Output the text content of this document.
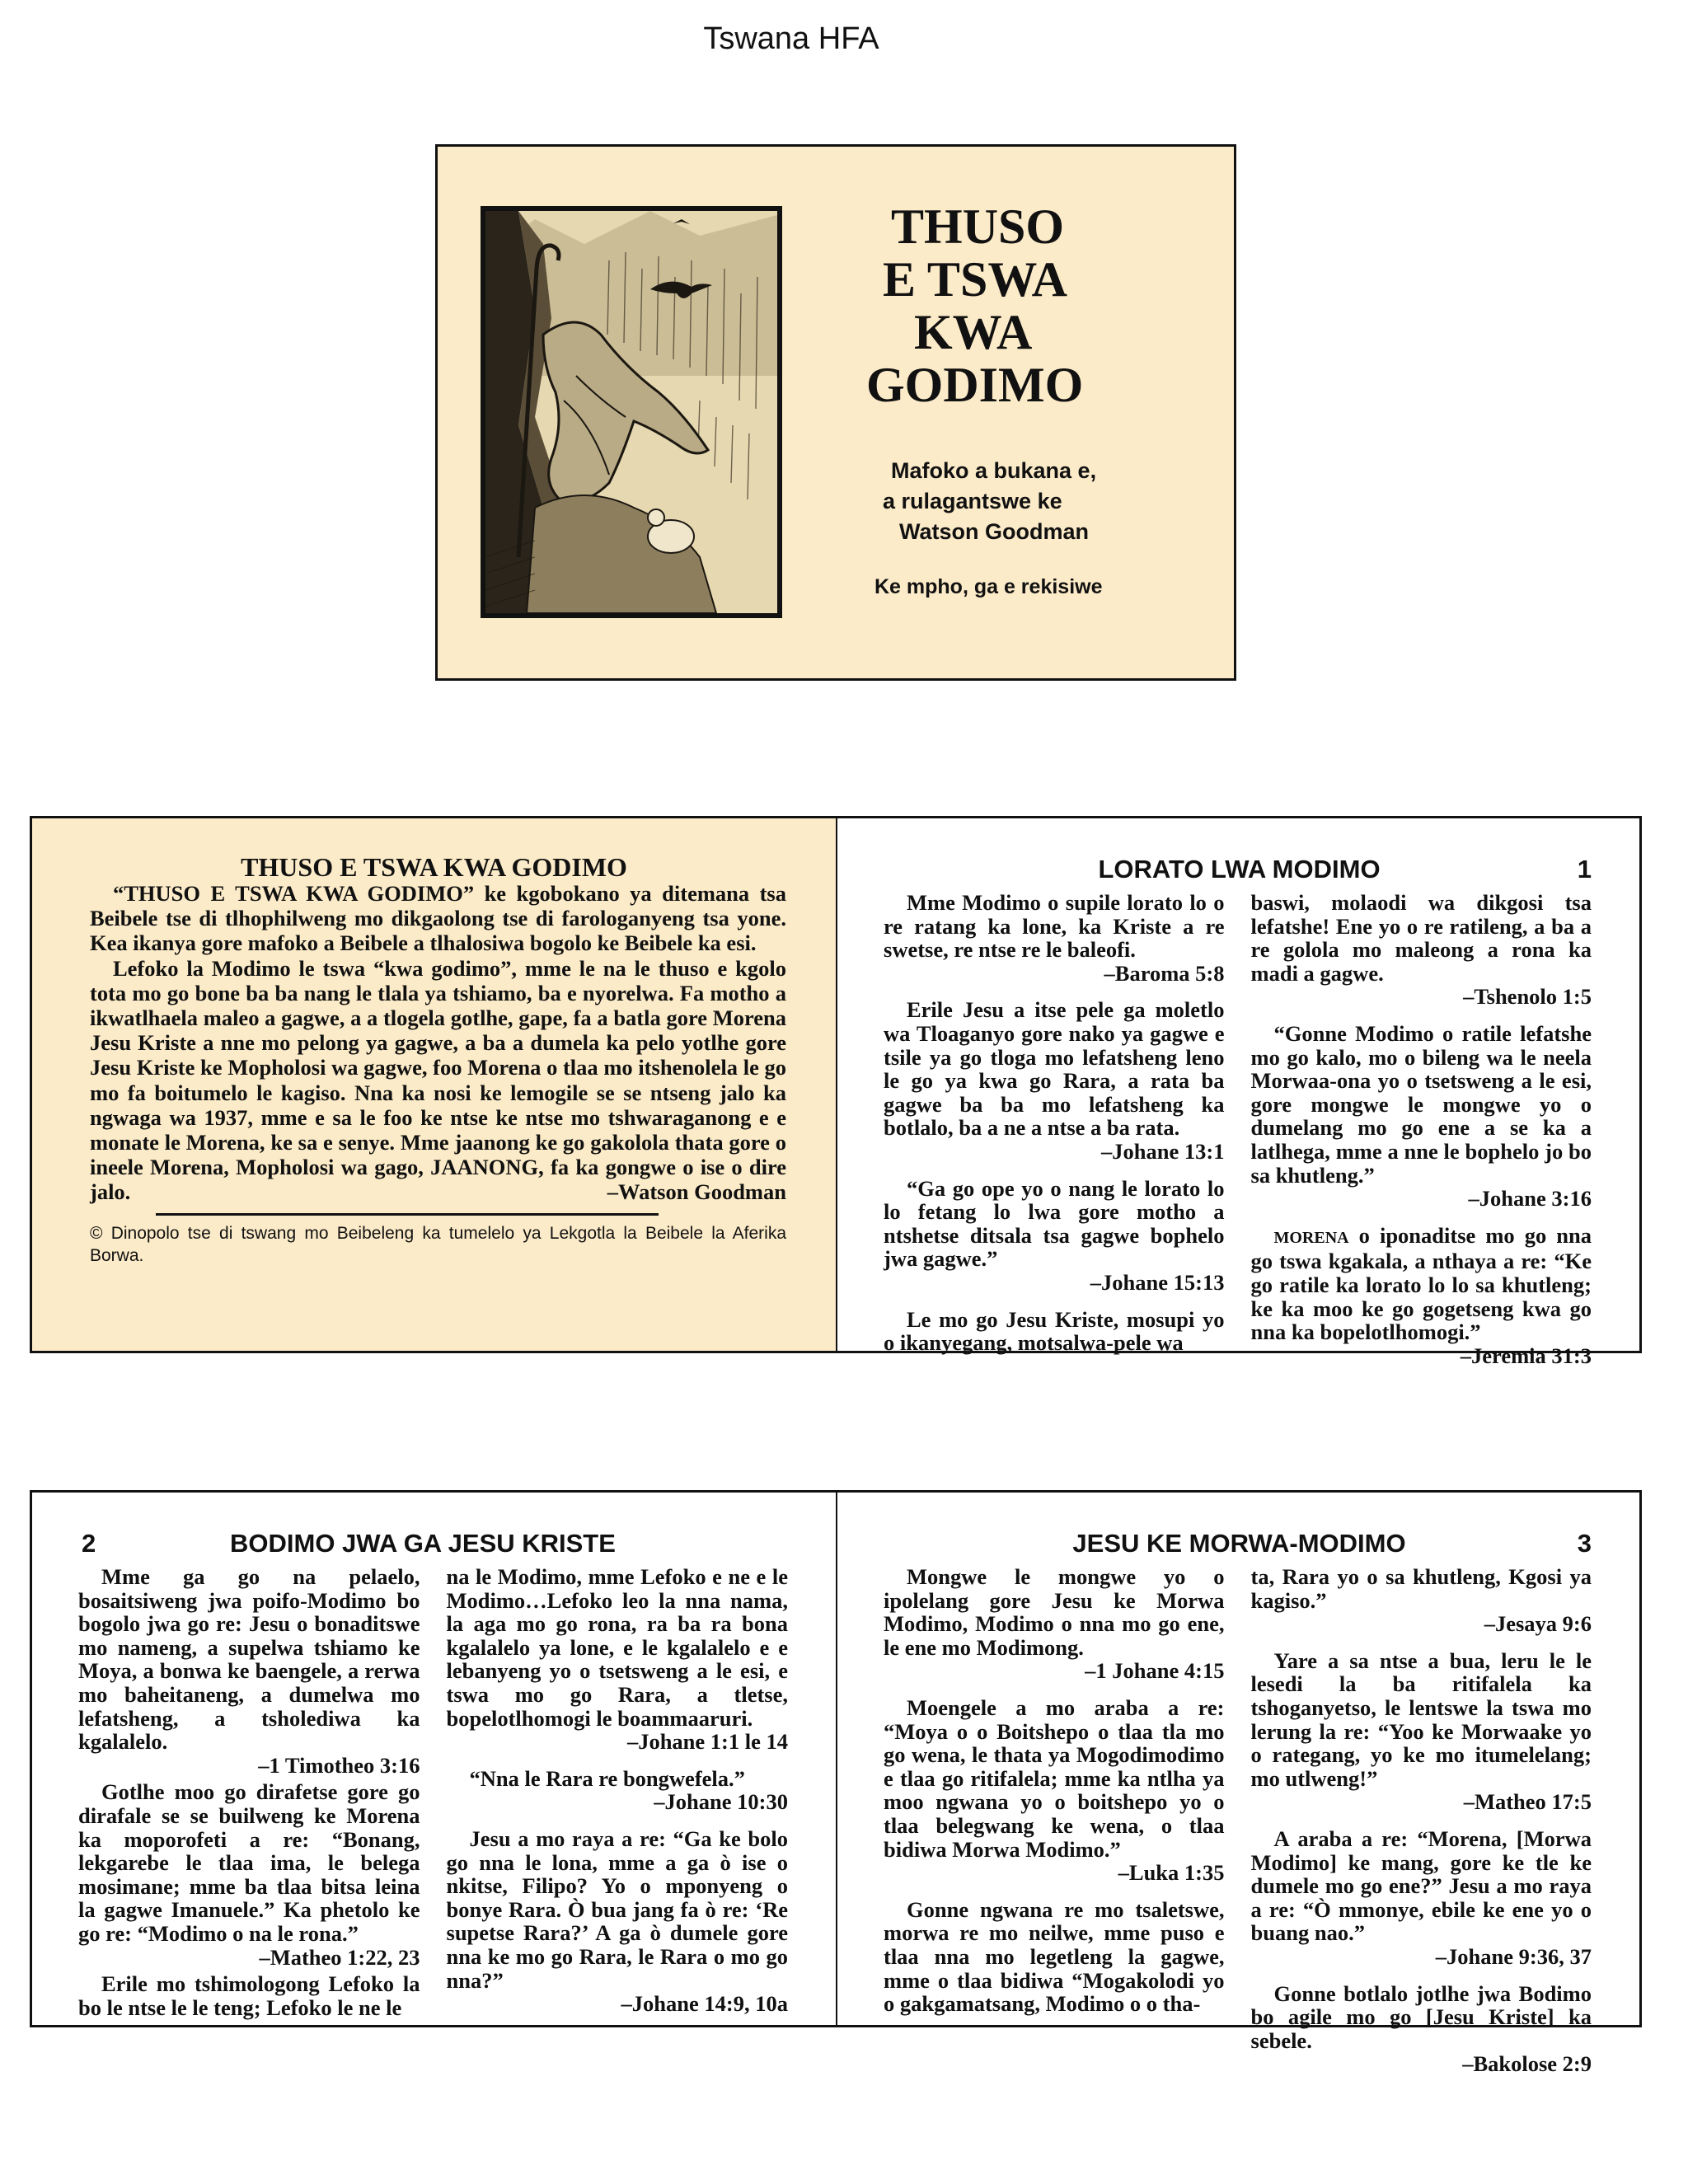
Tswana HFA
THUSO
E TSWA
KWA
GODIMO
Mafoko a bukana e,
a rulagantswe ke
Watson Goodman
Ke mpho, ga e rekisiwe
THUSO E TSWA KWA GODIMO

“THUSO E TSWA KWA GODIMO” ke kgobokano ya ditemana tsa Beibele tse di tlhophilweng mo dikgaolong tse di farologanyeng tsa yone. Kea ikanya gore mafoko a Beibele a tlhalosiwa bogolo ke Beibele ka esi.

Lefoko la Modimo le tswa “kwa godimo”, mme le na le thuso e kgolo tota mo go bone ba ba nang le tlala ya tshiamo, ba e nyorelwa. Fa motho a ikwatlhaela maleo a gagwe, a a tlogela gotlhe, gape, fa a batla gore Morena Jesu Kriste a nne mo pelong ya gagwe, a ba a dumela ka pelo yotlhe gore Jesu Kriste ke Mopholosi wa gagwe, foo Morena o tlaa mo itshenolela le go mo fa boitumelo le kagiso. Nna ka nosi ke lemogile se se ntseng jalo ka ngwaga wa 1937, mme e sa le foo ke ntse ke ntse mo tshwaraganong e e monate le Morena, ke sa e senye. Mme jaanong ke go gakolola thata gore o ineele Morena, Mopholosi wa gago, JAANONG, fa ka gongwe o ise o dire jalo.	–Watson Goodman

© Dinopolo tse di tswang mo Beibeleng ka tumelelo ya Lekgotla la Beibele la Aferika Borwa.
LORATO LWA MODIMO	1
Mme Modimo o supile lorato lo o re ratang ka lone, ka Kriste a re swetse, re ntse re le baleofi.
–Baroma 5:8
Erile Jesu a itse pele ga moletlo wa Tloaganyo gore nako ya gagwe e tsile ya go tloga mo lefatsheng leno le go ya kwa go Rara, a rata ba gagwe ba ba mo lefatsheng ka botlalo, ba a ne a ntse a ba rata.
–Johane 13:1
“Ga go ope yo o nang le lorato lo lo fetang lo lwa gore motho a ntshetse ditsala tsa gagwe bophelo jwa gagwe.”
–Johane 15:13
Le mo go Jesu Kriste, mosupi yo o ikanyegang, motsalwa-pele wa
baswi, molaodi wa dikgosi tsa lefatshe! Ene yo o re ratileng, a ba a re golola mo maleong a rona ka madi a gagwe.
–Tshenolo 1:5
“Gonne Modimo o ratile lefatshe mo go kalo, mo o bileng wa le neela Morwaa-ona yo o tsetsweng a le esi, gore mongwe le mongwe yo o dumelang mo go ene a se ka a latlhega, mme a nne le bophelo jo bo sa khutleng.”
–Johane 3:16
MORENA o iponaditse mo go nna go tswa kgakala, a nthaya a re: “Ke go ratile ka lorato lo lo sa khutleng; ke ka moo ke go gogetseng kwa go nna ka bopelotlhomogi.”
–Jeremia 31:3
2	BODIMO JWA GA JESU KRISTE
Mme ga go na pelaelo, bosaitsiweng jwa poifo-Modimo bo bogolo jwa go re: Jesu o bonaditswe mo nameng, a supelwa tshiamo ke Moya, a bonwa ke baengele, a rerwa mo baheitaneng, a dumelwa mo lefatsheng, a tsholediwa ka kgalalelo.
–1 Timotheo 3:16
Gotlhe moo go dirafetse gore go dirafale se se builweng ke Morena ka moporofeti a re: “Bonang, lekgarebe le tlaa ima, le belega mosimane; mme ba tlaa bitsa leina la gagwe Imanuele.” Ka phetolo ke go re: “Modimo o na le rona.”
–Matheo 1:22, 23
Erile mo tshimologong Lefoko la bo le ntse le le teng; Lefoko le ne le
na le Modimo, mme Lefoko e ne e le Modimo…Lefoko leo la nna nama, la aga mo go rona, ra ba ra bona kgalalelo ya lone, e le kgalalelo e e lebanyeng yo o tsetsweng a le esi, e tswa mo go Rara, a tletse, bopelotlhomogi le boammaaruri.
–Johane 1:1 le 14
“Nna le Rara re bongwefela.”
–Johane 10:30
Jesu a mo raya a re: “Ga ke bolo go nna le lona, mme a ga ò ise o nkitse, Filipo? Yo o mponyeng o bonye Rara. Ò bua jang fa ò re: ‘Re supetse Rara?’ A ga ò dumele gore nna ke mo go Rara, le Rara o mo go nna?”
–Johane 14:9, 10a
JESU KE MORWA-MODIMO	3
Mongwe le mongwe yo o ipolelang gore Jesu ke Morwa Modimo, Modimo o nna mo go ene, le ene mo Modimong.
–1 Johane 4:15
Moengele a mo araba a re: “Moya o o Boitshepo o tlaa tla mo go wena, le thata ya Mogodimodimo e tlaa go ritifalela; mme ka ntlha ya moo ngwana yo o boitshepo yo o tlaa belegwang ke wena, o tlaa bidiwa Morwa Modimo.”
–Luka 1:35
Gonne ngwana re mo tsaletswe, morwa re mo neilwe, mme puso e tlaa nna mo legetleng la gagwe, mme o tlaa bidiwa “Mogakolodi yo o gakgamatsang, Modimo o o tha-
ta, Rara yo o sa khutleng, Kgosi ya kagiso.”
–Jesaya 9:6
Yare a sa ntse a bua, leru le le lesedi la ba ritifalela ka tshoganyetso, le lentswe la tswa mo lerung la re: “Yoo ke Morwaake yo o rategang, yo ke mo itumelelang; mo utlweng!”
–Matheo 17:5
A araba a re: “Morena, [Morwa Modimo] ke mang, gore ke tle ke dumele mo go ene?” Jesu a mo raya a re: “Ò mmonye, ebile ke ene yo o buang nao.”
–Johane 9:36, 37
Gonne botlalo jotlhe jwa Bodimo bo agile mo go [Jesu Kriste] ka sebele.
–Bakolose 2:9
